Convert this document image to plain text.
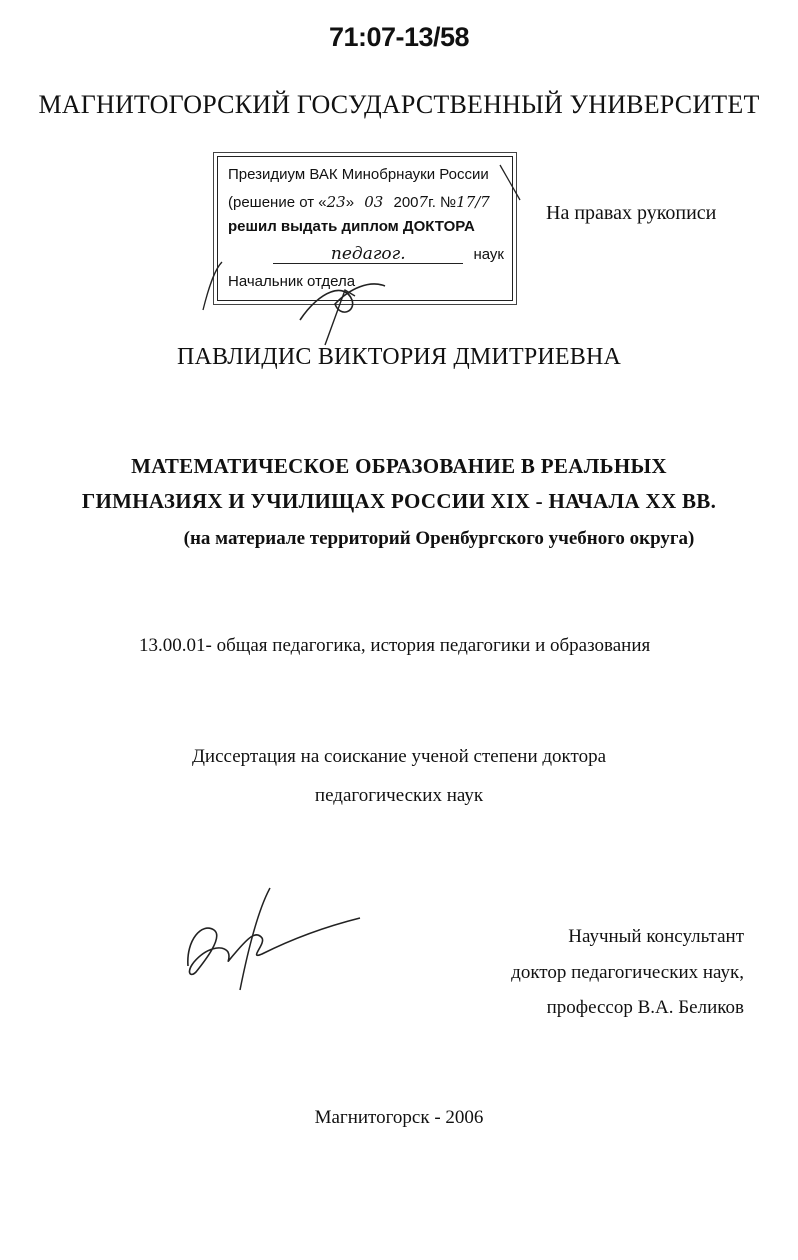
71:07-13/58
МАГНИТОГОРСКИЙ ГОСУДАРСТВЕННЫЙ УНИВЕРСИТЕТ
Президиум ВАК Минобрнауки России
(решение от «23» 03 2007г. №17/7
решил выдать диплом ДОКТОРА
педагог.	наук
Начальник отдела
На правах рукописи
ПАВЛИДИС ВИКТОРИЯ ДМИТРИЕВНА
МАТЕМАТИЧЕСКОЕ ОБРАЗОВАНИЕ В РЕАЛЬНЫХ
ГИМНАЗИЯХ И УЧИЛИЩАХ РОССИИ XIX - НАЧАЛА XX ВВ.
(на материале территорий Оренбургского учебного округа)
13.00.01- общая педагогика, история педагогики и образования
Диссертация на соискание ученой степени доктора
педагогических наук
Научный консультант
доктор педагогических наук,
профессор В.А. Беликов
Магнитогорск - 2006
